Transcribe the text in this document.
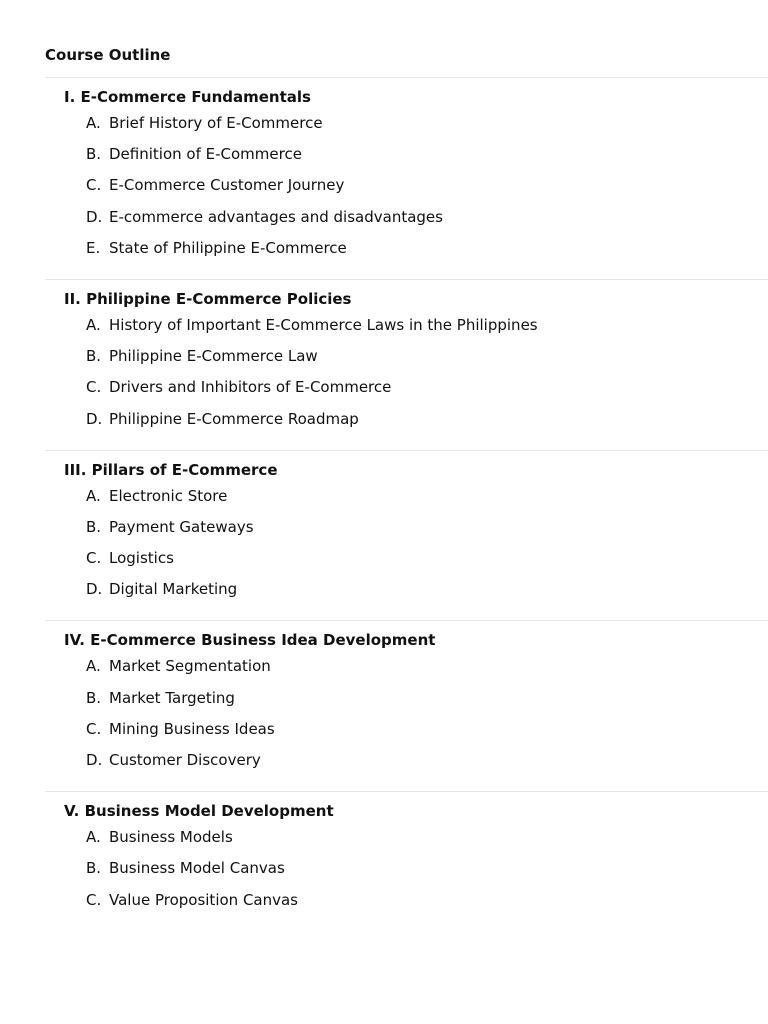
Course Outline
I. E-Commerce Fundamentals
A. Brief History of E-Commerce
B. Definition of E-Commerce
C. E-Commerce Customer Journey
D. E-commerce advantages and disadvantages
E. State of Philippine E-Commerce
II. Philippine E-Commerce Policies
A. History of Important E-Commerce Laws in the Philippines
B. Philippine E-Commerce Law
C. Drivers and Inhibitors of E-Commerce
D. Philippine E-Commerce Roadmap
III. Pillars of E-Commerce
A. Electronic Store
B. Payment Gateways
C. Logistics
D. Digital Marketing
IV. E-Commerce Business Idea Development
A. Market Segmentation
B. Market Targeting
C. Mining Business Ideas
D. Customer Discovery
V. Business Model Development
A. Business Models
B. Business Model Canvas
C. Value Proposition Canvas
